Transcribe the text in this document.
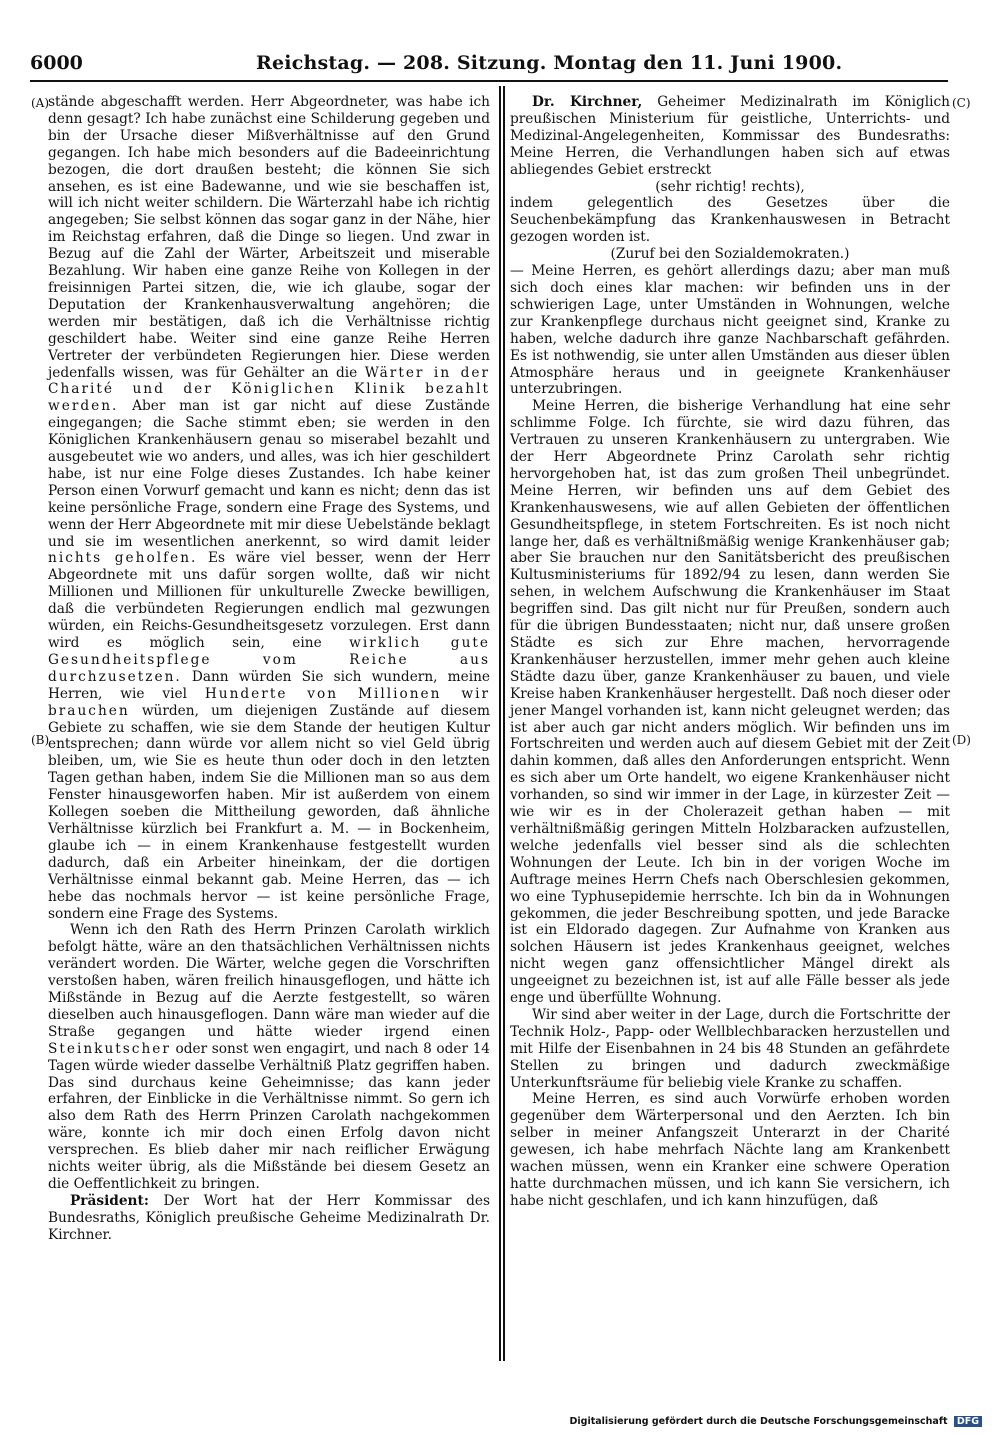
6000	Reichstag. — 208. Sitzung. Montag den 11. Juni 1900.
(A)
(B)
(C)
(D)

stände abgeschafft werden. Herr Abgeordneter, was habe ich denn gesagt? Ich habe zunächst eine Schilderung gegeben und bin der Ursache dieser Mißverhältnisse auf den Grund gegangen. Ich habe mich besonders auf die Badeeinrichtung bezogen, die dort draußen besteht; die können Sie sich ansehen, es ist eine Badewanne, und wie sie beschaffen ist, will ich nicht weiter schildern. Die Wärterzahl habe ich richtig angegeben; Sie selbst können das sogar ganz in der Nähe, hier im Reichstag erfahren, daß die Dinge so liegen. Und zwar in Bezug auf die Zahl der Wärter, Arbeitszeit und miserable Bezahlung. Wir haben eine ganze Reihe von Kollegen in der freisinnigen Partei sitzen, die, wie ich glaube, sogar der Deputation der Krankenhausverwaltung angehören; die werden mir bestätigen, daß ich die Verhältnisse richtig geschildert habe. Weiter sind eine ganze Reihe Herren Vertreter der verbündeten Regierungen hier. Diese werden jedenfalls wissen, was für Gehälter an die Wärter in der Charité und der Königlichen Klinik bezahlt werden. Aber man ist gar nicht auf diese Zustände eingegangen; die Sache stimmt eben; sie werden in den Königlichen Krankenhäusern genau so miserabel bezahlt und ausgebeutet wie wo anders, und alles, was ich hier geschildert habe, ist nur eine Folge dieses Zustandes. Ich habe keiner Person einen Vorwurf gemacht und kann es nicht; denn das ist keine persönliche Frage, sondern eine Frage des Systems, und wenn der Herr Abgeordnete mit mir diese Uebelstände beklagt und sie im wesentlichen anerkennt, so wird damit leider nichts geholfen. Es wäre viel besser, wenn der Herr Abgeordnete mit uns dafür sorgen wollte, daß wir nicht Millionen und Millionen für unkulturelle Zwecke bewilligen, daß die verbündeten Regierungen endlich mal gezwungen würden, ein Reichs-Gesundheitsgesetz vorzulegen. Erst dann wird es möglich sein, eine wirklich gute Gesundheitspflege vom Reiche aus durchzusetzen. Dann würden Sie sich wundern, meine Herren, wie viel Hunderte von Millionen wir brauchen würden, um diejenigen Zustände auf diesem Gebiete zu schaffen, wie sie dem Stande der heutigen Kultur entsprechen; dann würde vor allem nicht so viel Geld übrig bleiben, um, wie Sie es heute thun oder doch in den letzten Tagen gethan haben, indem Sie die Millionen man so aus dem Fenster hinausgeworfen haben. Mir ist außerdem von einem Kollegen soeben die Mittheilung geworden, daß ähnliche Verhältnisse kürzlich bei Frankfurt a. M. — in Bockenheim, glaube ich — in einem Krankenhause festgestellt wurden dadurch, daß ein Arbeiter hineinkam, der die dortigen Verhältnisse einmal bekannt gab. Meine Herren, das — ich hebe das nochmals hervor — ist keine persönliche Frage, sondern eine Frage des Systems.

Wenn ich den Rath des Herrn Prinzen Carolath wirklich befolgt hätte, wäre an den thatsächlichen Verhältnissen nichts verändert worden. Die Wärter, welche gegen die Vorschriften verstoßen haben, wären freilich hinausgeflogen, und hätte ich Mißstände in Bezug auf die Aerzte festgestellt, so wären dieselben auch hinausgeflogen. Dann wäre man wieder auf die Straße gegangen und hätte wieder irgend einen Steinkutscher oder sonst wen engagirt, und nach 8 oder 14 Tagen würde wieder dasselbe Verhältniß Platz gegriffen haben. Das sind durchaus keine Geheimnisse; das kann jeder erfahren, der Einblicke in die Verhältnisse nimmt. So gern ich also dem Rath des Herrn Prinzen Carolath nachgekommen wäre, konnte ich mir doch einen Erfolg davon nicht versprechen. Es blieb daher mir nach reiflicher Erwägung nichts weiter übrig, als die Mißstände bei diesem Gesetz an die Oeffentlichkeit zu bringen.

Präsident: Der Wort hat der Herr Kommissar des Bundesraths, Königlich preußische Geheime Medizinalrath Dr. Kirchner.

Dr. Kirchner, Geheimer Medizinalrath im Königlich preußischen Ministerium für geistliche, Unterrichts- und Medizinal-Angelegenheiten, Kommissar des Bundesraths: Meine Herren, die Verhandlungen haben sich auf etwas abliegendes Gebiet erstreckt

(sehr richtig! rechts),

indem gelegentlich des Gesetzes über die Seuchenbekämpfung das Krankenhauswesen in Betracht gezogen worden ist.

(Zuruf bei den Sozialdemokraten.)

— Meine Herren, es gehört allerdings dazu; aber man muß sich doch eines klar machen: wir befinden uns in der schwierigen Lage, unter Umständen in Wohnungen, welche zur Krankenpflege durchaus nicht geeignet sind, Kranke zu haben, welche dadurch ihre ganze Nachbarschaft gefährden. Es ist nothwendig, sie unter allen Umständen aus dieser üblen Atmosphäre heraus und in geeignete Krankenhäuser unterzubringen.

Meine Herren, die bisherige Verhandlung hat eine sehr schlimme Folge. Ich fürchte, sie wird dazu führen, das Vertrauen zu unseren Krankenhäusern zu untergraben. Wie der Herr Abgeordnete Prinz Carolath sehr richtig hervorgehoben hat, ist das zum großen Theil unbegründet. Meine Herren, wir befinden uns auf dem Gebiet des Krankenhauswesens, wie auf allen Gebieten der öffentlichen Gesundheitspflege, in stetem Fortschreiten. Es ist noch nicht lange her, daß es verhältnißmäßig wenige Krankenhäuser gab; aber Sie brauchen nur den Sanitätsbericht des preußischen Kultusministeriums für 1892/94 zu lesen, dann werden Sie sehen, in welchem Aufschwung die Krankenhäuser im Staat begriffen sind. Das gilt nicht nur für Preußen, sondern auch für die übrigen Bundesstaaten; nicht nur, daß unsere großen Städte es sich zur Ehre machen, hervorragende Krankenhäuser herzustellen, immer mehr gehen auch kleine Städte dazu über, ganze Krankenhäuser zu bauen, und viele Kreise haben Krankenhäuser hergestellt. Daß noch dieser oder jener Mangel vorhanden ist, kann nicht geleugnet werden; das ist aber auch gar nicht anders möglich. Wir befinden uns im Fortschreiten und werden auch auf diesem Gebiet mit der Zeit dahin kommen, daß alles den Anforderungen entspricht. Wenn es sich aber um Orte handelt, wo eigene Krankenhäuser nicht vorhanden, so sind wir immer in der Lage, in kürzester Zeit — wie wir es in der Cholerazeit gethan haben — mit verhältnißmäßig geringen Mitteln Holzbaracken aufzustellen, welche jedenfalls viel besser sind als die schlechten Wohnungen der Leute. Ich bin in der vorigen Woche im Auftrage meines Herrn Chefs nach Oberschlesien gekommen, wo eine Typhusepidemie herrschte. Ich bin da in Wohnungen gekommen, die jeder Beschreibung spotten, und jede Baracke ist ein Eldorado dagegen. Zur Aufnahme von Kranken aus solchen Häusern ist jedes Krankenhaus geeignet, welches nicht wegen ganz offensichtlicher Mängel direkt als ungeeignet zu bezeichnen ist, ist auf alle Fälle besser als jede enge und überfüllte Wohnung.

Wir sind aber weiter in der Lage, durch die Fortschritte der Technik Holz-, Papp- oder Wellblechbaracken herzustellen und mit Hilfe der Eisenbahnen in 24 bis 48 Stunden an gefährdete Stellen zu bringen und dadurch zweckmäßige Unterkunftsräume für beliebig viele Kranke zu schaffen.

Meine Herren, es sind auch Vorwürfe erhoben worden gegenüber dem Wärterpersonal und den Aerzten. Ich bin selber in meiner Anfangszeit Unterarzt in der Charité gewesen, ich habe mehrfach Nächte lang am Krankenbett wachen müssen, wenn ein Kranker eine schwere Operation hatte durchmachen müssen, und ich kann Sie versichern, ich habe nicht geschlafen, und ich kann hinzufügen, daß

Digitalisierung gefördert durch die Deutsche Forschungsgemeinschaft DFG
